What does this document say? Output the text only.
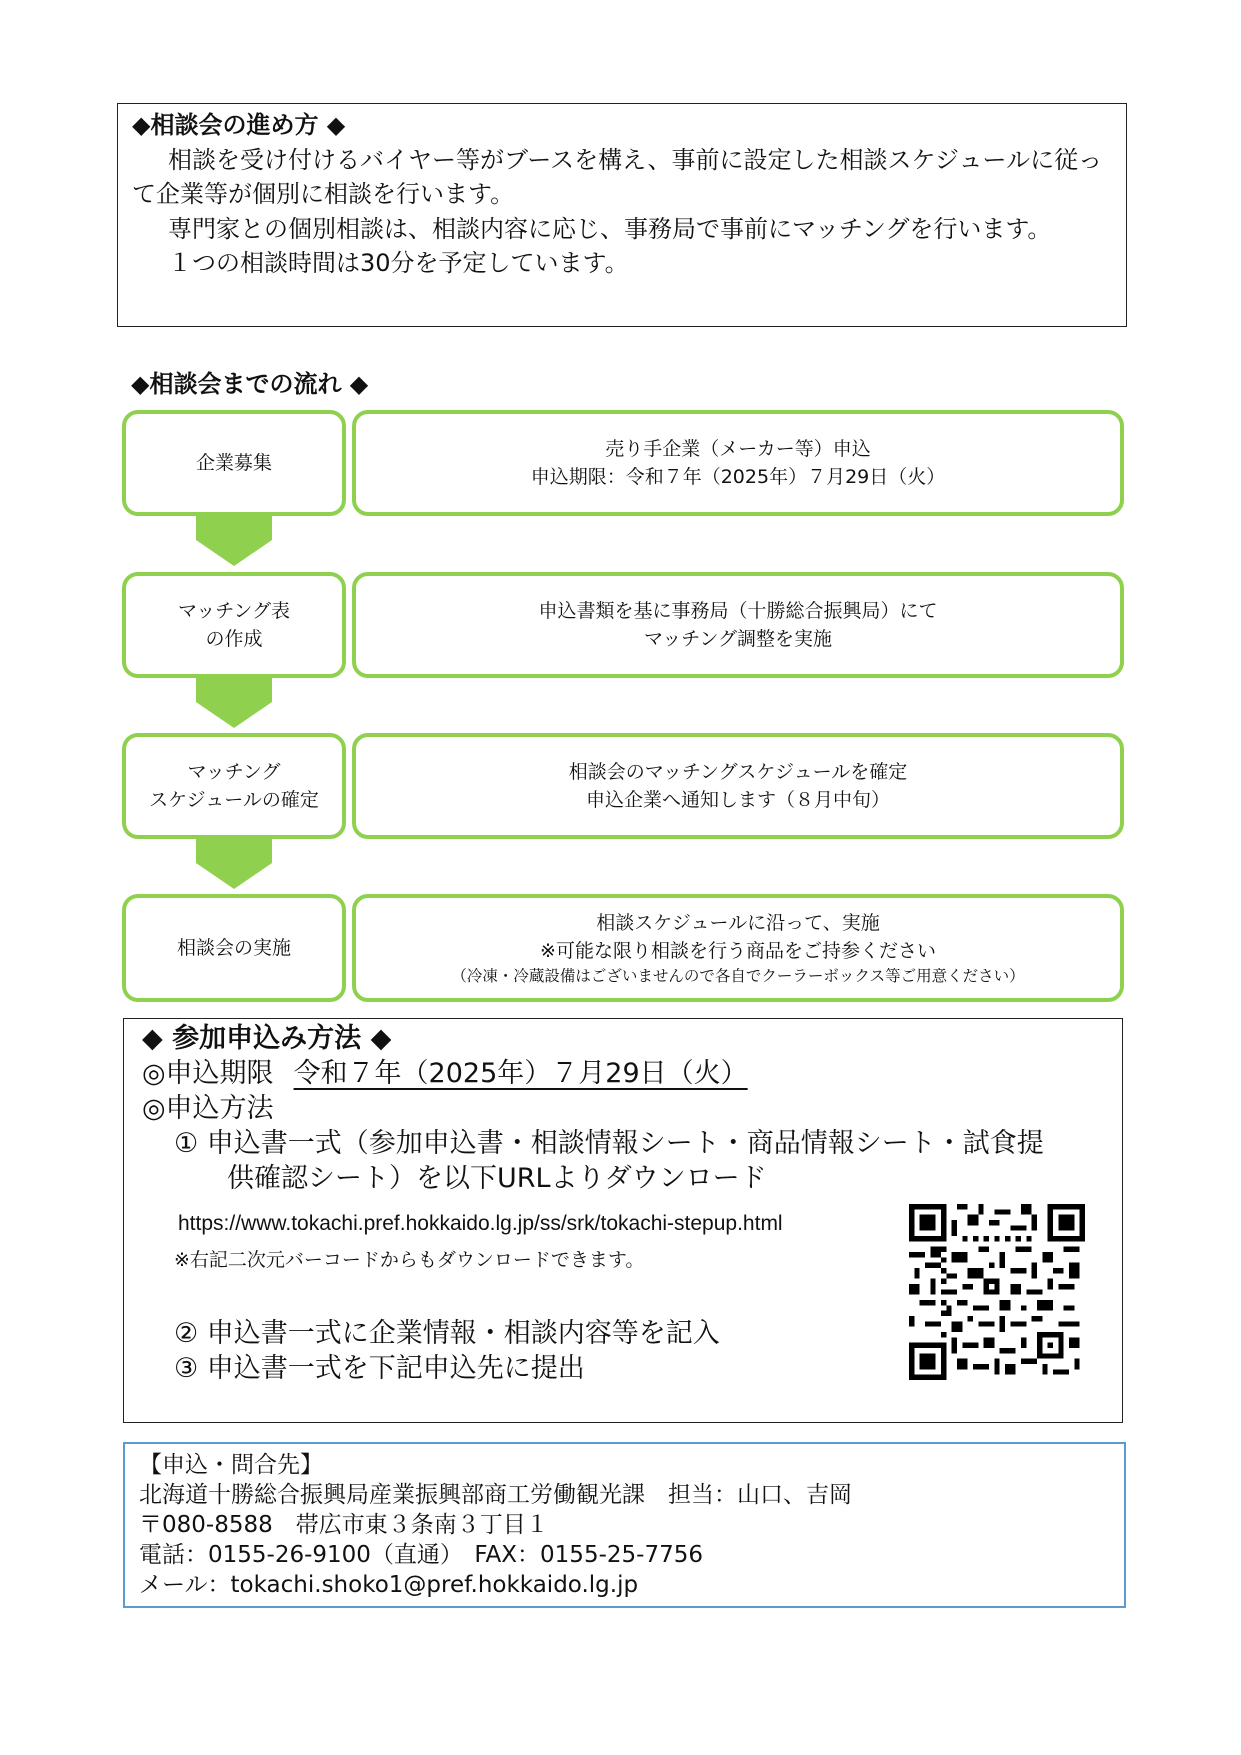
◆相談会の進め方 ◆

相談を受け付けるバイヤー等がブースを構え、事前に設定した相談スケジュールに従って企業等が個別に相談を行います。

専門家との個別相談は、相談内容に応じ、事務局で事前にマッチングを行います。

１つの相談時間は30分を予定しています。

◆相談会までの流れ ◆
企業募集
売り手企業（メーカー等）申込
申込期限：令和７年（2025年）７月29日（火）
マッチング表
の作成
申込書類を基に事務局（十勝総合振興局）にて
マッチング調整を実施
マッチング
スケジュールの確定
相談会のマッチングスケジュールを確定
申込企業へ通知します（８月中旬）
相談会の実施
相談スケジュールに沿って、実施
※可能な限り相談を行う商品をご持参ください
（冷凍・冷蔵設備はございませんので各自でクーラーボックス等ご用意ください）
◆ 参加申込み方法 ◆
◎申込期限 令和７年（2025年）７月29日（火）
◎申込方法
① 申込書一式（参加申込書・相談情報シート・商品情報シート・試食提
供確認シート）を以下URLよりダウンロード
https://www.tokachi.pref.hokkaido.lg.jp/ss/srk/tokachi-stepup.html
※右記二次元バーコードからもダウンロードできます。
② 申込書一式に企業情報・相談内容等を記入
③ 申込書一式を下記申込先に提出
【申込・問合先】
北海道十勝総合振興局産業振興部商工労働観光課　担当：山口、吉岡
〒080-8588　帯広市東３条南３丁目１
電話：0155-26-9100（直通）　FAX：0155-25-7756
メール：tokachi.shoko1@pref.hokkaido.lg.jp
